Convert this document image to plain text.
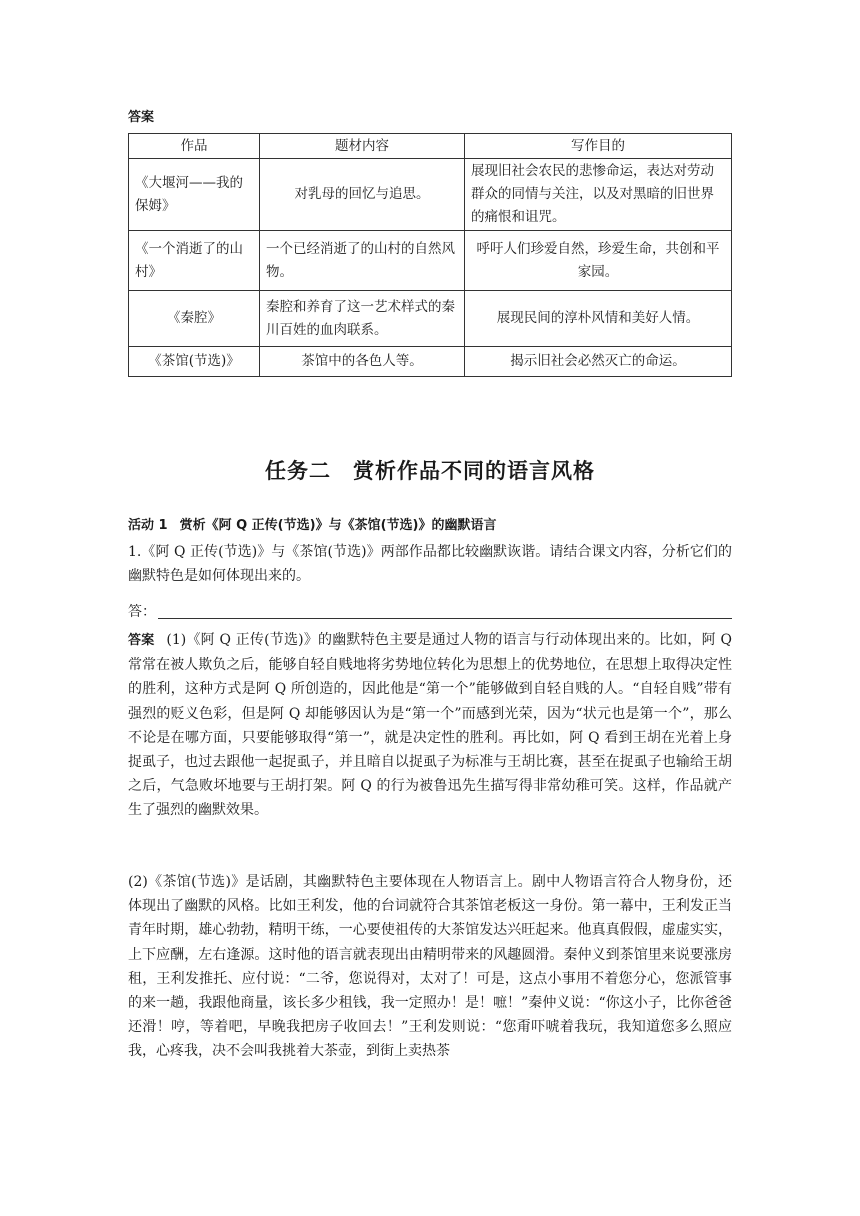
答案
作品	题材内容	写作目的
《大堰河——我的保姆》	对乳母的回忆与追思。	展现旧社会农民的悲惨命运，表达对劳动群众的同情与关注，以及对黑暗的旧世界的痛恨和诅咒。
《一个消逝了的山村》	一个已经消逝了的山村的自然风物。	呼吁人们珍爱自然，珍爱生命，共创和平家园。
《秦腔》	秦腔和养育了这一艺术样式的秦川百姓的血肉联系。	展现民间的淳朴风情和美好人情。
《茶馆(节选)》	茶馆中的各色人等。	揭示旧社会必然灭亡的命运。
任务二　赏析作品不同的语言风格
活动 1 赏析《阿 Q 正传(节选)》与《茶馆(节选)》的幽默语言

1.《阿 Q 正传(节选)》与《茶馆(节选)》两部作品都比较幽默诙谐。请结合课文内容，分析它们的幽默特色是如何体现出来的。

答：

答案 (1)《阿 Q 正传(节选)》的幽默特色主要是通过人物的语言与行动体现出来的。比如，阿 Q 常常在被人欺负之后，能够自轻自贱地将劣势地位转化为思想上的优势地位，在思想上取得决定性的胜利，这种方式是阿 Q 所创造的，因此他是“第一个”能够做到自轻自贱的人。“自轻自贱”带有强烈的贬义色彩，但是阿 Q 却能够因认为是“第一个”而感到光荣，因为“状元也是第一个”，那么不论是在哪方面，只要能够取得“第一”，就是决定性的胜利。再比如，阿 Q 看到王胡在光着上身捉虱子，也过去跟他一起捉虱子，并且暗自以捉虱子为标准与王胡比赛，甚至在捉虱子也输给王胡之后，气急败坏地要与王胡打架。阿 Q 的行为被鲁迅先生描写得非常幼稚可笑。这样，作品就产生了强烈的幽默效果。

(2)《茶馆(节选)》是话剧，其幽默特色主要体现在人物语言上。剧中人物语言符合人物身份，还体现出了幽默的风格。比如王利发，他的台词就符合其茶馆老板这一身份。第一幕中，王利发正当青年时期，雄心勃勃，精明干练，一心要使祖传的大茶馆发达兴旺起来。他真真假假，虚虚实实，上下应酬，左右逢源。这时他的语言就表现出由精明带来的风趣圆滑。秦仲义到茶馆里来说要涨房租，王利发推托、应付说：“二爷，您说得对，太对了！可是，这点小事用不着您分心，您派管事的来一趟，我跟他商量，该长多少租钱，我一定照办！是！嗻！”秦仲义说：“你这小子，比你爸爸还滑！哼，等着吧，早晚我把房子收回去！”王利发则说：“您甭吓唬着我玩，我知道您多么照应我，心疼我，决不会叫我挑着大茶壶，到街上卖热茶
